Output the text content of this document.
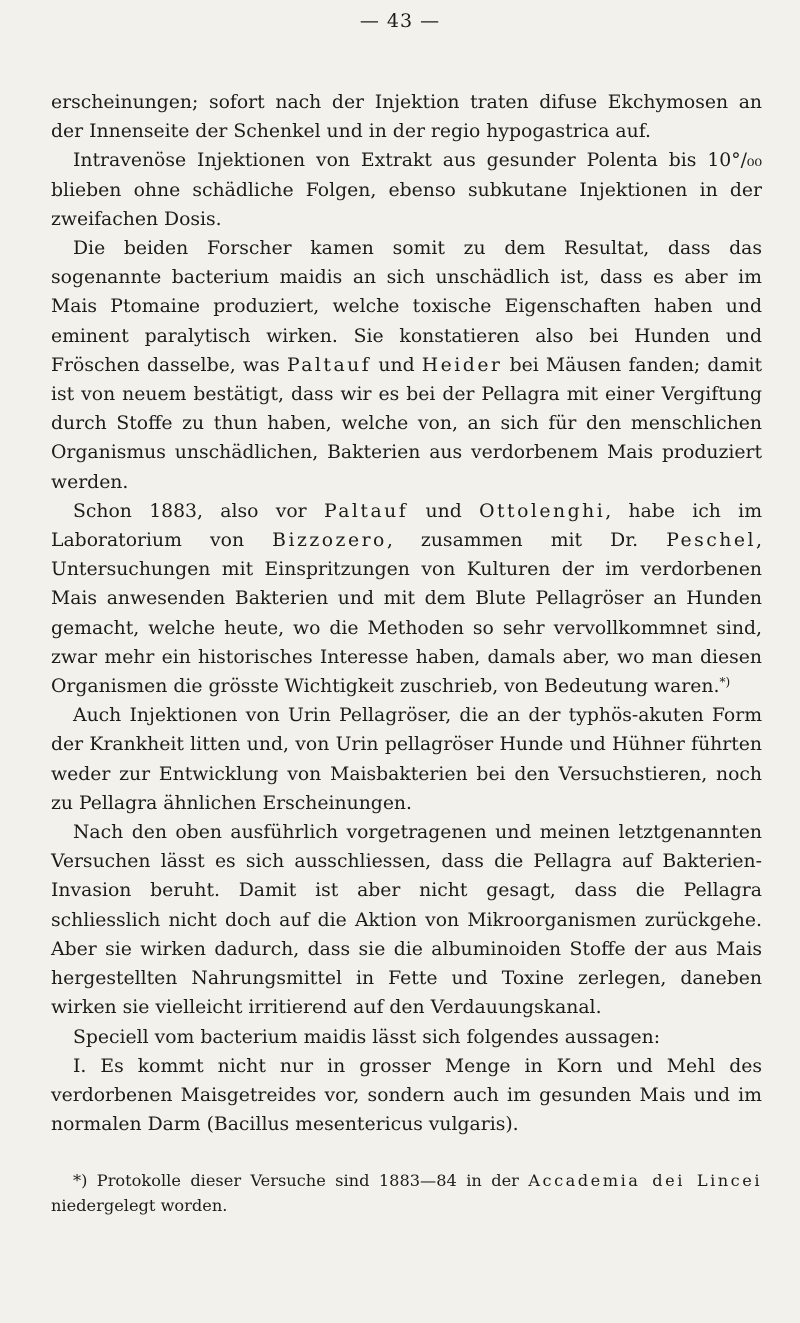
— 43 —

erscheinungen; sofort nach der Injektion traten difuse Ekchymosen an der Innenseite der Schenkel und in der regio hypogastrica auf.

Intravenöse Injektionen von Extrakt aus gesunder Polenta bis 10°/₀₀ blieben ohne schädliche Folgen, ebenso subkutane Injektionen in der zweifachen Dosis.

Die beiden Forscher kamen somit zu dem Resultat, dass das sogenannte bacterium maidis an sich unschädlich ist, dass es aber im Mais Ptomaine produziert, welche toxische Eigenschaften haben und eminent paralytisch wirken. Sie konstatieren also bei Hunden und Fröschen dasselbe, was Paltauf und Heider bei Mäusen fanden; damit ist von neuem bestätigt, dass wir es bei der Pellagra mit einer Vergiftung durch Stoffe zu thun haben, welche von, an sich für den menschlichen Organismus unschädlichen, Bakterien aus verdorbenem Mais produziert werden.

Schon 1883, also vor Paltauf und Ottolenghi, habe ich im Laboratorium von Bizzozero, zusammen mit Dr. Peschel, Untersuchungen mit Einspritzungen von Kulturen der im verdorbenen Mais anwesenden Bakterien und mit dem Blute Pellagröser an Hunden gemacht, welche heute, wo die Methoden so sehr vervollkommnet sind, zwar mehr ein historisches Interesse haben, damals aber, wo man diesen Organismen die grösste Wichtigkeit zuschrieb, von Bedeutung waren.*)

Auch Injektionen von Urin Pellagröser, die an der typhös-akuten Form der Krankheit litten und, von Urin pellagröser Hunde und Hühner führten weder zur Entwicklung von Maisbakterien bei den Versuchstieren, noch zu Pellagra ähnlichen Erscheinungen.

Nach den oben ausführlich vorgetragenen und meinen letztgenannten Versuchen lässt es sich ausschliessen, dass die Pellagra auf Bakterien-Invasion beruht. Damit ist aber nicht gesagt, dass die Pellagra schliesslich nicht doch auf die Aktion von Mikroorganismen zurückgehe. Aber sie wirken dadurch, dass sie die albuminoiden Stoffe der aus Mais hergestellten Nahrungsmittel in Fette und Toxine zerlegen, daneben wirken sie vielleicht irritierend auf den Verdauungskanal.

Speciell vom bacterium maidis lässt sich folgendes aussagen:

I. Es kommt nicht nur in grosser Menge in Korn und Mehl des verdorbenen Maisgetreides vor, sondern auch im gesunden Mais und im normalen Darm (Bacillus mesentericus vulgaris).

*) Protokolle dieser Versuche sind 1883—84 in der Accademia dei Lincei niedergelegt worden.
